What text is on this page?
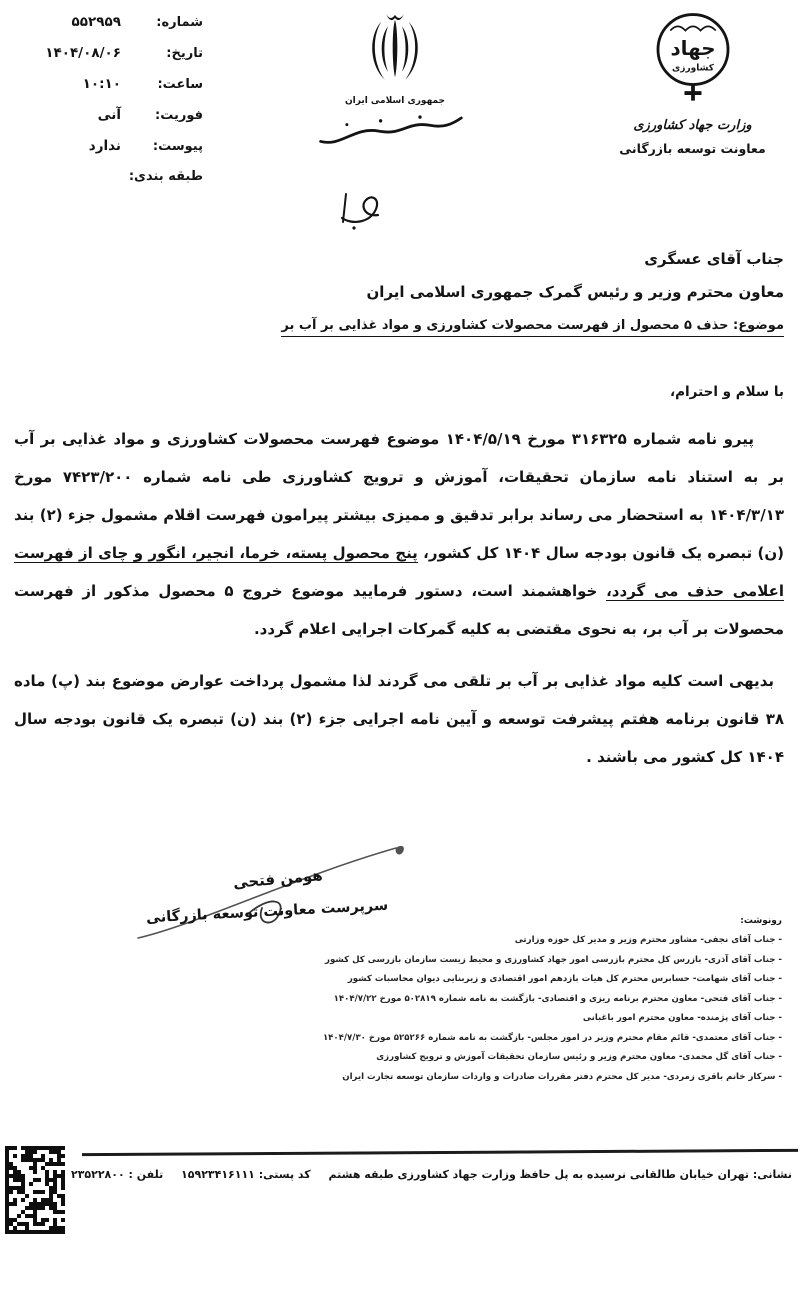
شماره:
۵۵۲۹۵۹
تاریخ:
۱۴۰۴/۰۸/۰۶
ساعت:
۱۰:۱۰
فوریت:
آنی
پیوست:
ندارد
طبقه بندی:
جمهوری اسلامی ایران
جهاد
کشاورزی
وزارت جهاد کشاورزی
معاونت توسعه بازرگانی
جناب آقای عسگری
معاون محترم وزیر و رئیس گمرک جمهوری اسلامی ایران
موضوع: حذف ۵ محصول از فهرست محصولات کشاورزی و مواد غذایی بر آب بر
با سلام و احترام،
پیرو نامه شماره ۳۱۶۳۲۵ مورخ ۱۴۰۴/۵/۱۹ موضوع فهرست محصولات کشاورزی و مواد غذایی بر آب بر به استناد نامه سازمان تحقیقات، آموزش و ترویج کشاورزی طی نامه شماره ۷۴۲۳/۲۰۰ مورخ ۱۴۰۴/۳/۱۳ به استحضار می رساند برابر تدقیق و ممیزی بیشتر پیرامون فهرست اقلام مشمول جزء (۲) بند (ن) تبصره یک قانون بودجه سال ۱۴۰۴ کل کشور، پنج محصول پسته، خرما، انجیر، انگور و چای از فهرست اعلامی حذف می گردد، خواهشمند است، دستور فرمایید موضوع خروج ۵ محصول مذکور از فهرست محصولات بر آب بر، به نحوی مقتضی به کلیه گمرکات اجرایی اعلام گردد.
بدیهی است کلیه مواد غذایی بر آب بر تلقی می گردند لذا مشمول پرداخت عوارض موضوع بند (پ) ماده ۳۸ قانون برنامه هفتم پیشرفت توسعه و آیین نامه اجرایی جزء (۲) بند (ن) تبصره یک قانون بودجه سال ۱۴۰۴ کل کشور می باشند .
هومن فتحی
سرپرست معاونت توسعه بازرگانی	رونوشت:
- جناب آقای نجفی- مشاور محترم وزیر و مدیر کل حوزه وزارتی
- جناب آقای آذری- بازرس کل محترم بازرسی امور جهاد کشاورزی و محیط زیست سازمان بازرسی کل کشور
- جناب آقای شهامت- حسابرس محترم کل هیات بازدهم امور اقتصادی و زیربنایی دیوان محاسبات کشور
- جناب آقای فتحی- معاون محترم برنامه ریزی و اقتصادی- بازگشت به نامه شماره ۵۰۲۸۱۹ مورخ ۱۴۰۴/۷/۲۲
- جناب آقای پژمنده- معاون محترم امور باغبانی
- جناب آقای معتمدی- قائم مقام محترم وزیر در امور مجلس- بازگشت به نامه شماره ۵۲۵۲۶۶ مورخ ۱۴۰۴/۷/۳۰
- جناب آقای گل محمدی- معاون محترم وزیر و رئیس سازمان تحقیقات آموزش و ترویج کشاورزی
- سرکار خانم باقری زمردی- مدیر کل محترم دفتر مقررات صادرات و واردات سازمان توسعه تجارت ایران
نشانی: تهران خیابان طالقانی نرسیده به پل حافظ وزارت جهاد کشاورزی طبقه هشتم کد پستی: ۱۵۹۲۳۴۱۶۱۱۱ تلفن : ۲۳۵۲۲۸۰۰
